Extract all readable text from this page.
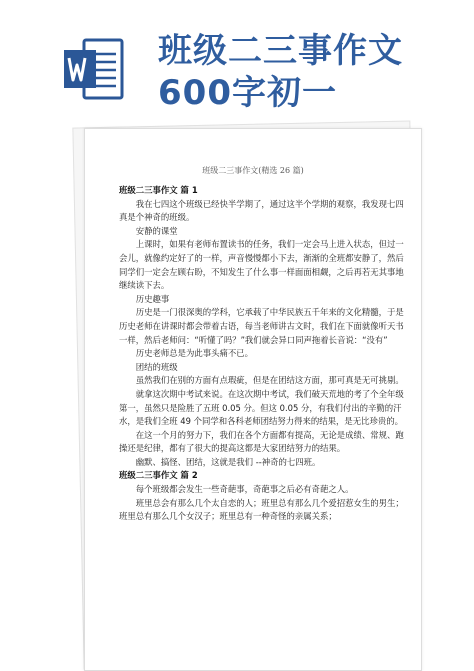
班级二三事作文600字初一
班级二三事作文(精选 26 篇)

班级二三事作文 篇 1

我在七四这个班级已经快半学期了，通过这半个学期的观察，我发现七四真是个神奇的班级。

安静的课堂

上课时，如果有老师布置读书的任务，我们一定会马上进入状态，但过一会儿，就像约定好了的一样，声音慢慢都小下去，渐渐的全班都安静了，然后同学们一定会左顾右盼，不知发生了什么事一样面面相觑，之后再若无其事地继续读下去。

历史趣事

历史是一门很深奥的学科，它承载了中华民族五千年来的文化精髓，于是历史老师在讲课时都会带着古语，每当老师讲古文时，我们在下面就像听天书一样，然后老师问：“听懂了吗？”我们就会异口同声拖着长音说：“没有”

历史老师总是为此事头痛不已。

团结的班级

虽然我们在别的方面有点瑕疵，但是在团结这方面，那可真是无可挑剔。

就拿这次期中考试来说。在这次期中考试，我们破天荒地的考了个全年级第一，虽然只是险胜了五班 0.05 分。但这 0.05 分，有我们付出的辛勤的汗水，是我们全班 49 个同学和各科老师团结努力得来的结果，是无比珍贵的。

在这一个月的努力下，我们在各个方面都有提高，无论是成绩、常规、跑操还是纪律，都有了很大的提高这都是大家团结努力的结果。

幽默、搞怪、团结，这就是我们 --神奇的七四班。

班级二三事作文 篇 2

每个班级都会发生一些奇葩事，奇葩事之后必有奇葩之人。

班里总会有那么几个太自恋的人；班里总有那么几个爱招惹女生的男生；班里总有那么几个女汉子；班里总有一种奇怪的亲属关系；
